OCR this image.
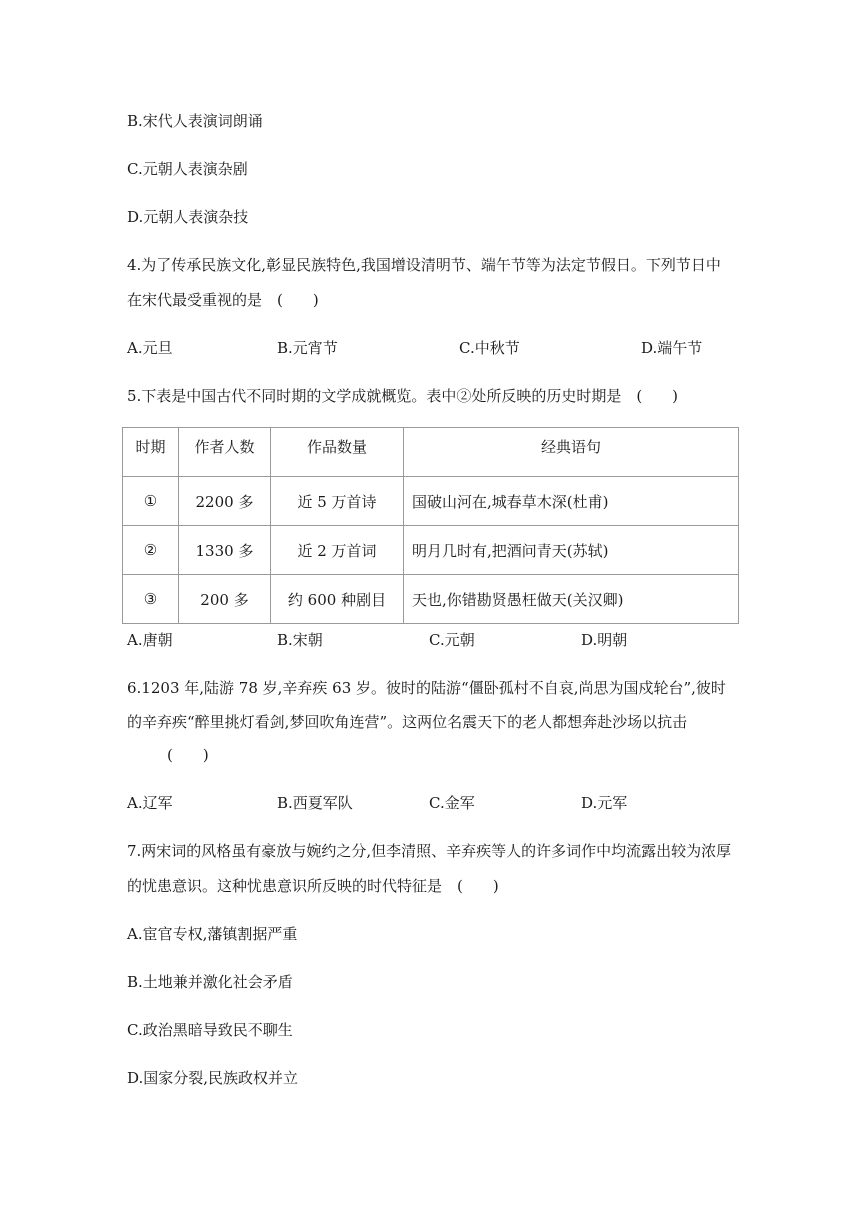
B.宋代人表演词朗诵
C.元朝人表演杂剧
D.元朝人表演杂技
4.为了传承民族文化,彰显民族特色,我国增设清明节、端午节等为法定节假日。下列节日中
在宋代最受重视的是　(　　)
A.元旦	B.元宵节	C.中秋节	D.端午节
5.下表是中国古代不同时期的文学成就概览。表中②处所反映的历史时期是　(　　)
时期	作者人数	作品数量	经典语句
①	2200 多	近 5 万首诗	国破山河在,城春草木深(杜甫)
②	1330 多	近 2 万首词	明月几时有,把酒问青天(苏轼)
③	200 多	约 600 种剧目	天也,你错勘贤愚枉做天(关汉卿)
A.唐朝	B.宋朝	C.元朝	D.明朝
6.1203 年,陆游 78 岁,辛弃疾 63 岁。彼时的陆游“僵卧孤村不自哀,尚思为国戍轮台”,彼时
的辛弃疾“醉里挑灯看剑,梦回吹角连营”。这两位名震天下的老人都想奔赴沙场以抗击
(　　)
A.辽军	B.西夏军队	C.金军	D.元军
7.两宋词的风格虽有豪放与婉约之分,但李清照、辛弃疾等人的许多词作中均流露出较为浓厚
的忧患意识。这种忧患意识所反映的时代特征是　(　　)
A.宦官专权,藩镇割据严重
B.土地兼并激化社会矛盾
C.政治黑暗导致民不聊生
D.国家分裂,民族政权并立
